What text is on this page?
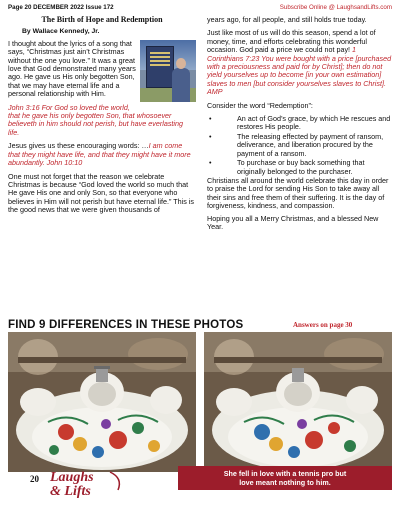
Page 20 DECEMBER 2022 Issue 172	Subscribe Online @ LaughsandLifts.com
The Birth of Hope and Redemption
By Wallace Kennedy, Jr.

I thought about the lyrics of a song that says, “Christmas just ain’t Christmas without the one you love.” It was a great love that God demonstrated many years ago. He gave us His only begotten Son, that we may have eternal life and a personal relationship with Him.

John 3:16 For God so loved the world, that he gave his only begotten Son, that whosoever believeth in him should not perish, but have everlasting life.

Jesus gives us these encouraging words: …I am come that they might have life, and that they might have it more abundantly. John 10:10

One must not forget that the reason we celebrate Christmas is because “God loved the world so much that He gave His one and only Son, so that everyone who believes in Him will not perish but have eternal life.” This is the good news that we were given thousands of

years ago, for all people, and still holds true today.

Just like most of us will do this season, spend a lot of money, time, and efforts celebrating this wonderful occasion. God paid a price we could not pay! 1 Corinthians 7:23 You were bought with a price [purchased with a preciousness and paid for by Christ]; then do not yield yourselves up to become [in your own estimation] slaves to men [but consider yourselves slaves to Christ]. AMP

Consider the word “Redemption”:

•	An act of God’s grace, by which He rescues and restores His people.
•	The releasing effected by payment of ransom, deliverance, and liberation procured by the payment of a ransom.
•	To purchase or buy back something that originally belonged to the purchaser.

Christians all around the world celebrate this day in order to praise the Lord for sending His Son to take away all their sins and free them of their suffering. It is the day of forgiveness, kindness, and compassion.

Hoping you all a Merry Christmas, and a blessed New Year.

FIND 9 DIFFERENCES IN THESE PHOTOS	Answers on page 30
20 Laughs
& Lifts
She fell in love with a tennis pro but
love meant nothing to him.
